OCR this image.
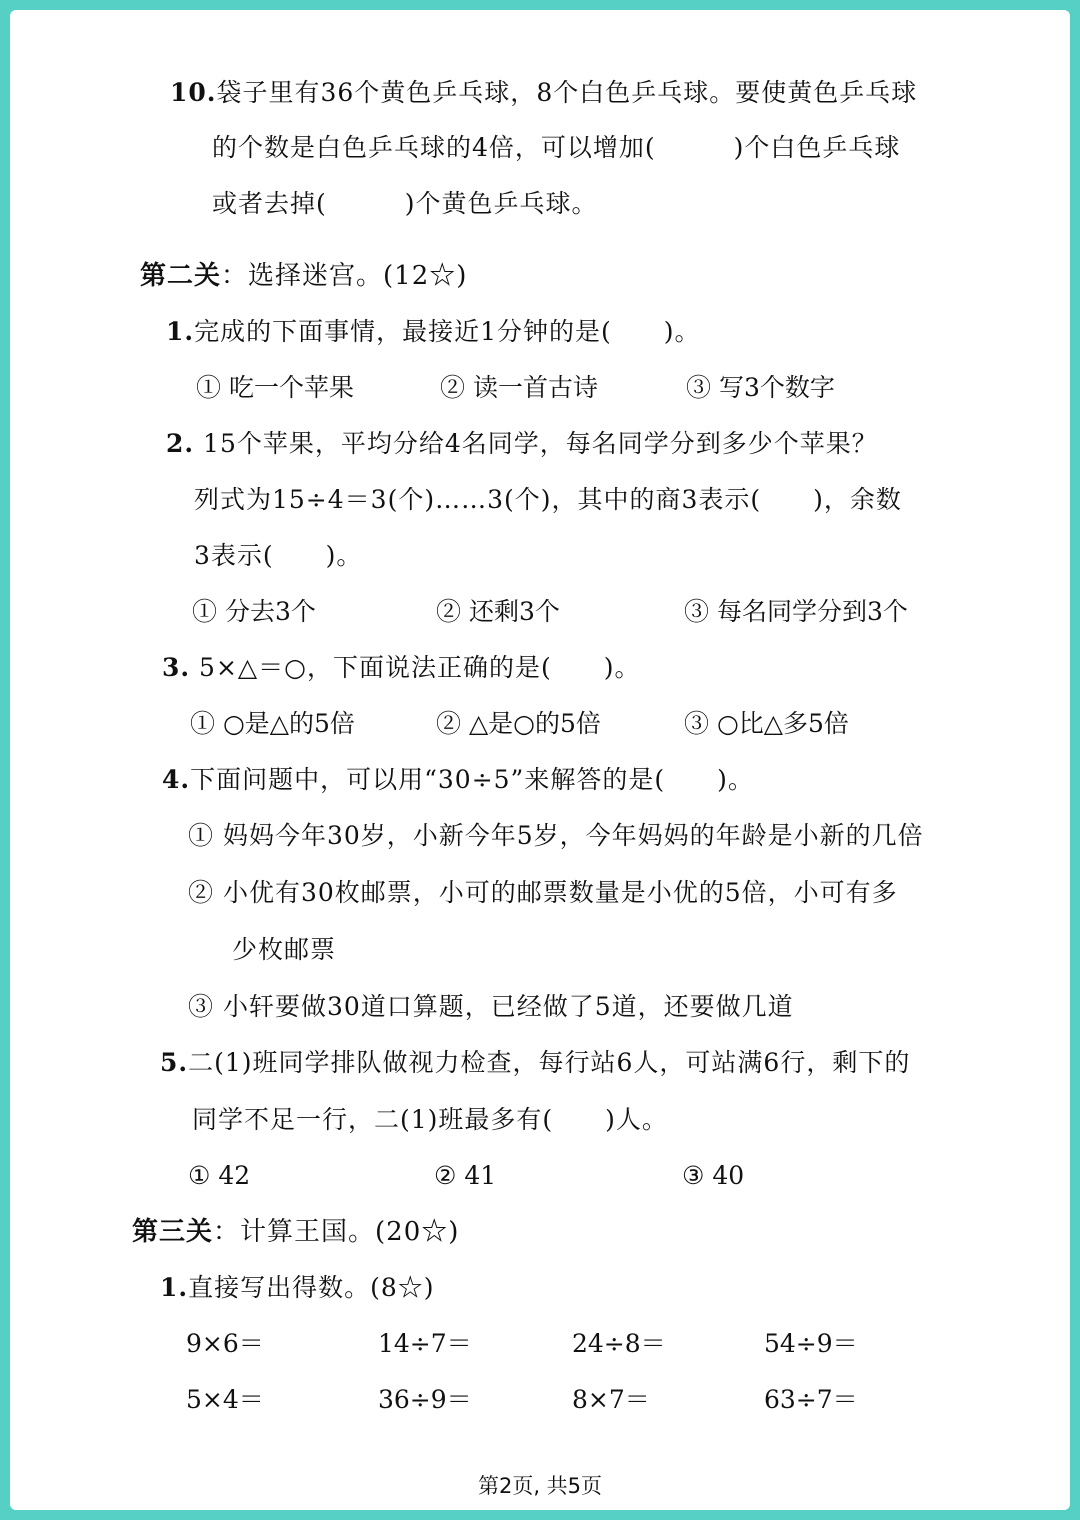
10.袋子里有36个黄色乒乓球，8个白色乒乓球。要使黄色乒乓球
的个数是白色乒乓球的4倍，可以增加(　　　)个白色乒乓球
或者去掉(　　　)个黄色乒乓球。
第二关：选择迷宫。(12☆)
1.完成的下面事情，最接近1分钟的是(　　)。
① 吃一个苹果	② 读一首古诗	③ 写3个数字
2. 15个苹果，平均分给4名同学，每名同学分到多少个苹果？
列式为15÷4＝3(个)……3(个)，其中的商3表示(　　)，余数
3表示(　　)。
① 分去3个	② 还剩3个	③ 每名同学分到3个
3. 5×△＝○，下面说法正确的是(　　)。
① ○是△的5倍	② △是○的5倍	③ ○比△多5倍
4.下面问题中，可以用“30÷5”来解答的是(　　)。
① 妈妈今年30岁，小新今年5岁，今年妈妈的年龄是小新的几倍
② 小优有30枚邮票，小可的邮票数量是小优的5倍，小可有多
少枚邮票
③ 小轩要做30道口算题，已经做了5道，还要做几道
5.二(1)班同学排队做视力检查，每行站6人，可站满6行，剩下的
同学不足一行，二(1)班最多有(　　)人。
① 42	② 41	③ 40
第三关：计算王国。(20☆)
1.直接写出得数。(8☆)
9×6＝	14÷7＝	24÷8＝	54÷9＝
5×4＝	36÷9＝	8×7＝	63÷7＝
第2页, 共5页
